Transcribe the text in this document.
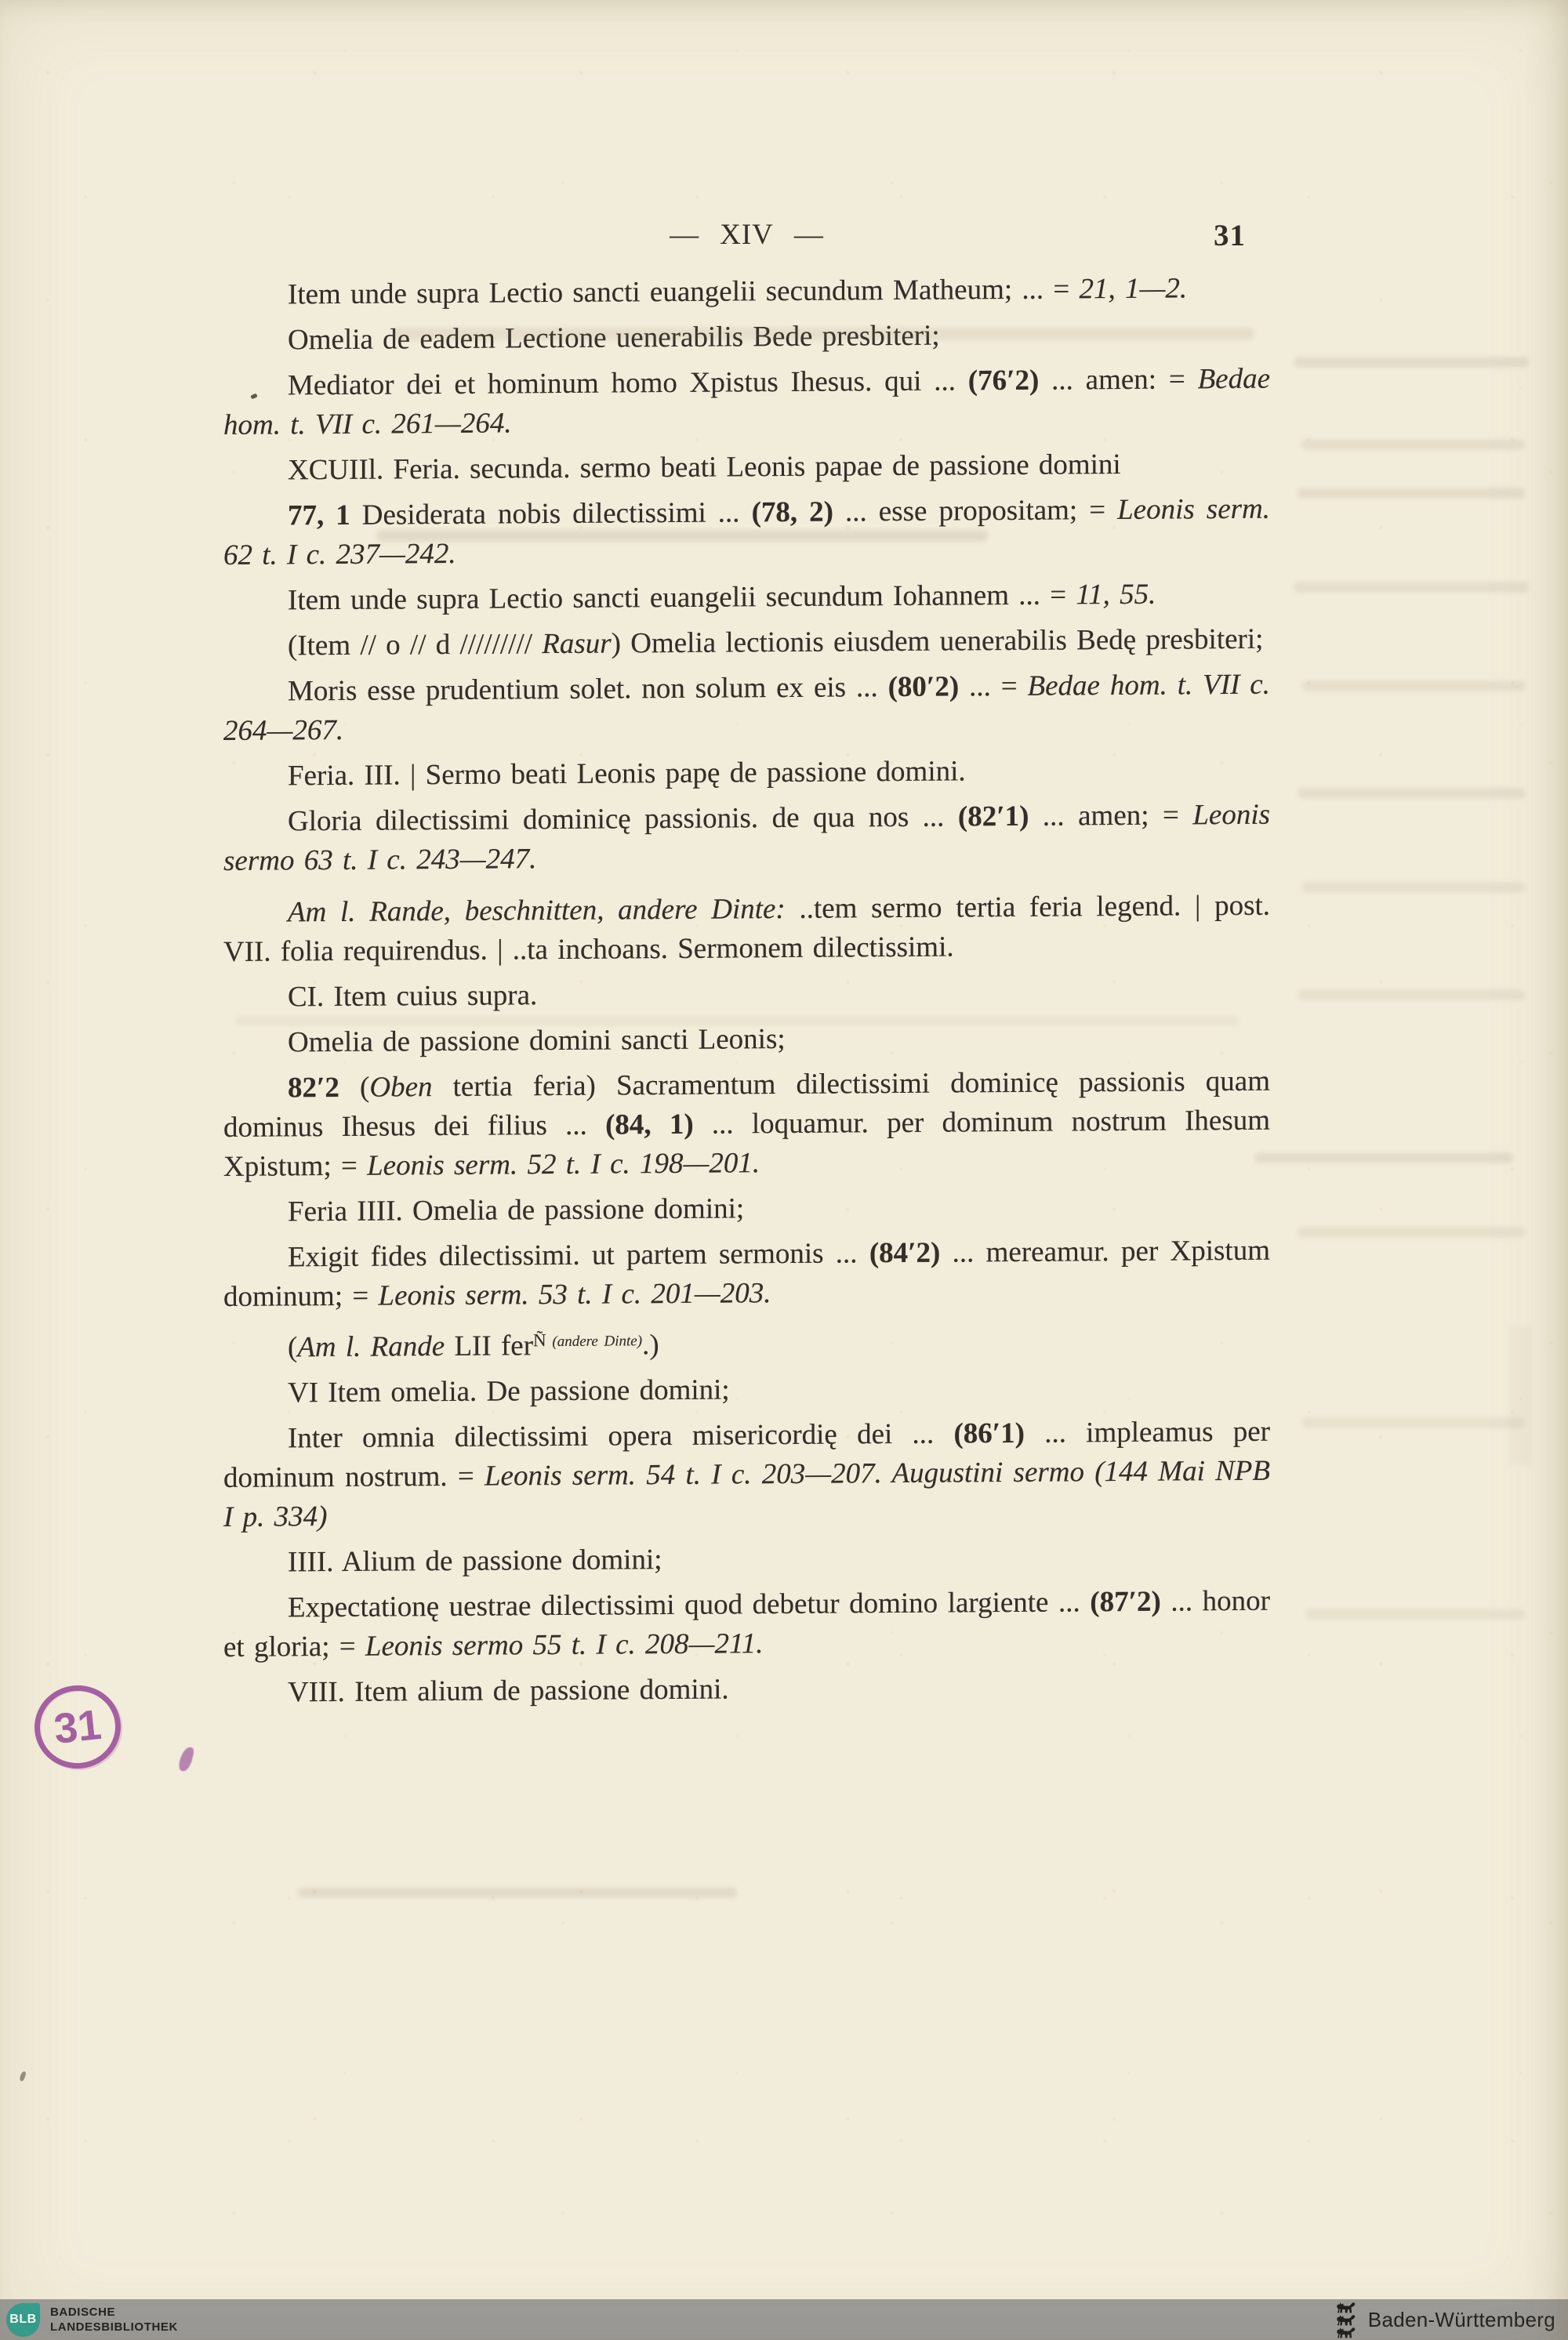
— XIV —	31

Item unde supra Lectio sancti euangelii secundum Matheum; ... = 21, 1—2.

Omelia de eadem Lectione uenerabilis Bede presbiteri;

Mediator dei et hominum homo Xpistus Ihesus. qui ... (76′2) ... amen: = Bedae hom. t. VII c. 261—264.

XCUIIl. Feria. secunda. sermo beati Leonis papae de passione domini

77, 1 Desiderata nobis dilectissimi ... (78, 2) ... esse propositam; = Leonis serm. 62 t. I c. 237—242.

Item unde supra Lectio sancti euangelii secundum Iohannem ... = 11, 55.

(Item // o // d ///////// Rasur) Omelia lectionis eiusdem uenerabilis Bedę presbiteri;

Moris esse prudentium solet. non solum ex eis ... (80′2) ... = Bedae hom. t. VII c. 264—267.

Feria. III. | Sermo beati Leonis papę de passione domini.

Gloria dilectissimi dominicę passionis. de qua nos ... (82′1) ... amen; = Leonis sermo 63 t. I c. 243—247.

Am l. Rande, beschnitten, andere Dinte: ..tem sermo tertia feria legend. | post. VII. folia requirendus. | ..ta inchoans. Sermonem dilectissimi.

CI. Item cuius supra.

Omelia de passione domini sancti Leonis;

82′2 (Oben tertia feria) Sacramentum dilectissimi dominicę passionis quam dominus Ihesus dei filius ... (84, 1) ... loquamur. per dominum nostrum Ihesum Xpistum; = Leonis serm. 52 t. I c. 198—201.

Feria IIII. Omelia de passione domini;

Exigit fides dilectissimi. ut partem sermonis ... (84′2) ... mereamur. per Xpistum dominum; = Leonis serm. 53 t. I c. 201—203.

(Am l. Rande LII fer$^Ñ$ $^{(andere Dinte)}$.)

VI Item omelia. De passione domini;

Inter omnia dilectissimi opera misericordię dei ... (86′1) ... impleamus per dominum nostrum. = Leonis serm. 54 t. I c. 203—207. Augustini sermo (144 Mai NPB I p. 334)

IIII. Alium de passione domini;

Expectationę uestrae dilectissimi quod debetur domino largiente ... (87′2) ... honor et gloria; = Leonis sermo 55 t. I c. 208—211.

VIII. Item alium de passione domini.

31
BLB
BADISCHE
LANDESBIBLIOTHEK	Baden-Württemberg
